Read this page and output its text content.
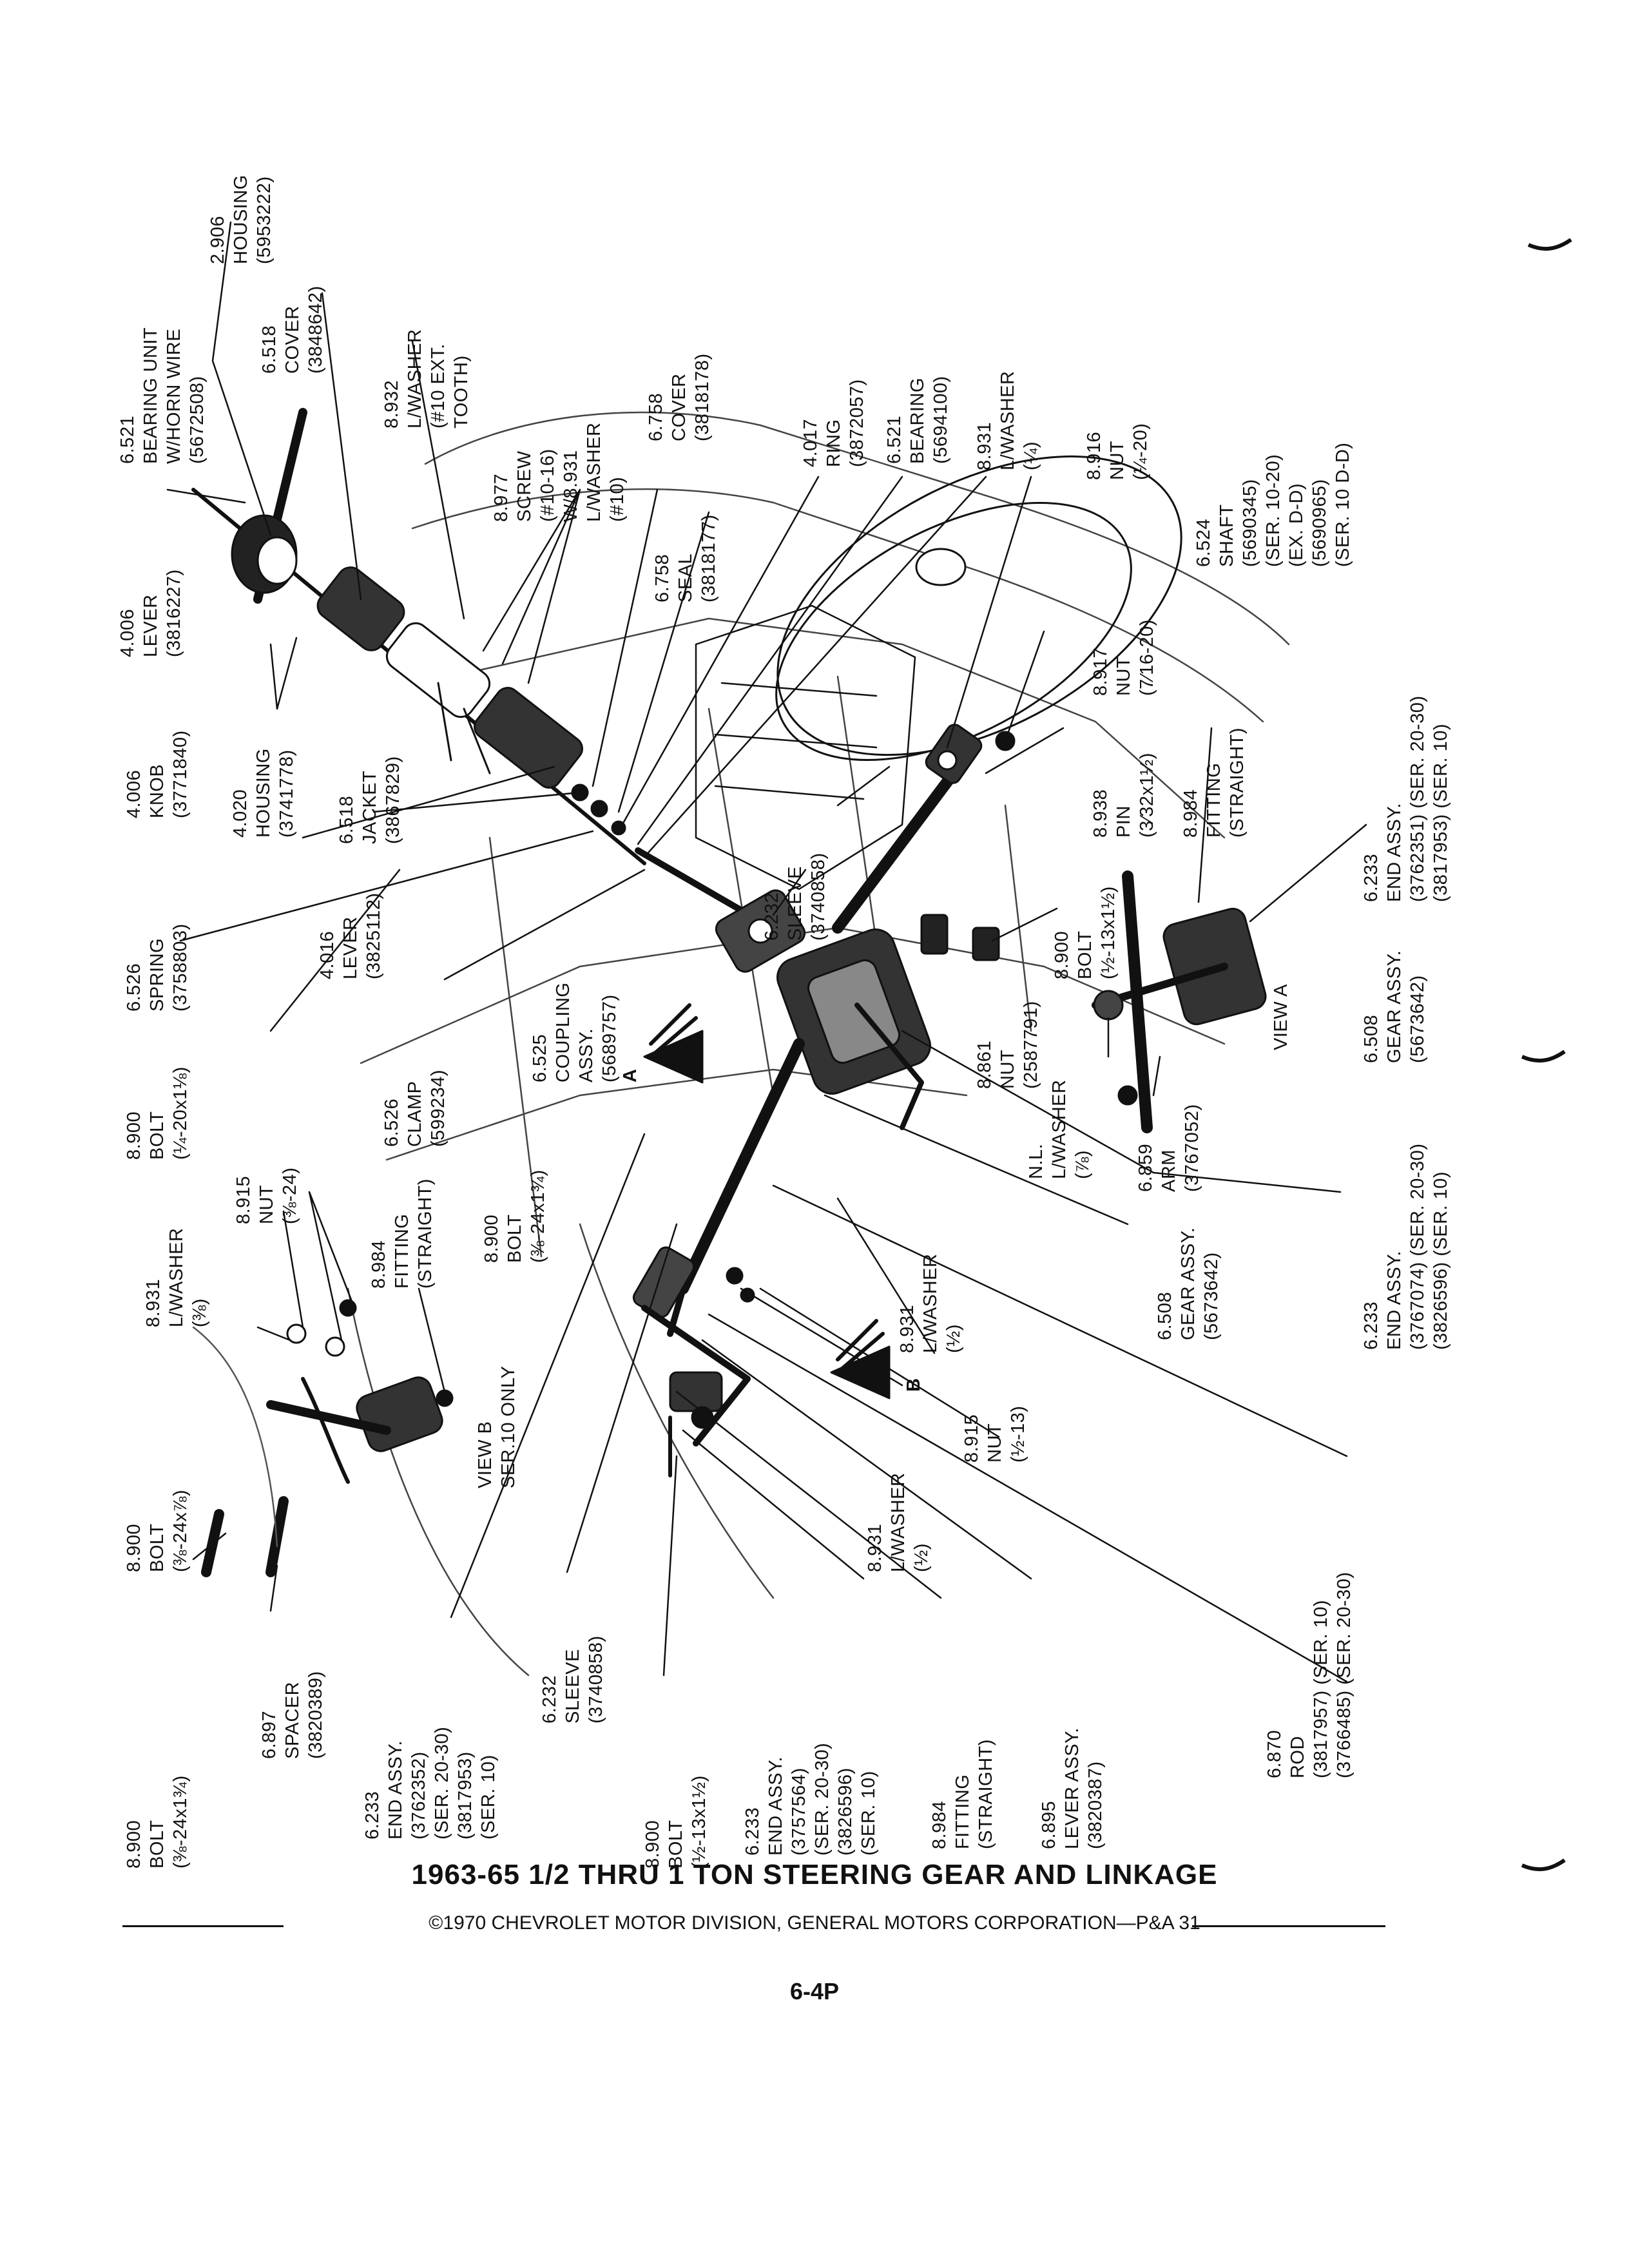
6.521
BEARING UNIT
W/HORN WIRE
(5672508)
2.906
HOUSING
(5953222)
6.518
COVER
(3848642)
8.932
L/WASHER
(#10 EXT.
TOOTH)
8.977
SCREW
(#10-16)
W/8.931
L/WASHER
(#10)
6.758
COVER
(3818178)
6.758
SEAL
(3818177)
4.017
RING
(3872057) 6.521
BEARING
(5694100) 8.931
L/WASHER
(¼) 8.916
NUT
(¼-20)
4.006
LEVER
(3816227)
4.006
KNOB
(3771840) 4.020
HOUSING
(3741778) 6.518
JACKET
(3867829)
4.016
LEVER
(3825112)
6.526
SPRING
(3758803)
8.900
BOLT
(¼-20x1⅛)	6.526
CLAMP
(599234)
6.525
COUPLING
ASSY.
(5689757)
6.232
SLEEVE
(3740858)
8.917
NUT
(7⁄16-20)
8.938
PIN
(3⁄32x1½) 8.984
FITTING
(STRAIGHT)
6.233
END ASSY.
(3762351) (SER. 20-30)
(3817953) (SER. 10)
6.524
SHAFT
(5690345)
(SER. 10-20)
(EX. D-D)
(5690965)
(SER. 10 D-D)
8.900
BOLT
(½-13x1½)
8.861
NUT
(2587791)
N.L.
L/WASHER
(⅞) 6.859
ARM
(3767052)
6.508
GEAR ASSY.
(5673642)
VIEW A
8.931
L/WASHER
(⅜)
8.915
NUT
(⅜-24)
8.984
FITTING
(STRAIGHT) 8.900
BOLT
(⅜-24x1¾)
6.508
GEAR ASSY.
(5673642)	6.233
END ASSY.
(3767074) (SER. 20-30)
(3826596) (SER. 10)
8.931
L/WASHER
(½)
8.915
NUT
(½-13)
VIEW B
SER.10 ONLY
8.900
BOLT
(⅜-24x⅞)
8.900
BOLT
(⅜-24x1¾)
6.897
SPACER
(3820389)
6.233
END ASSY.
(3762352)
(SER. 20-30)
(3817953)
(SER. 10)
6.232
SLEEVE
(3740858)
8.900
BOLT
(½-13x1½)
8.931
L/WASHER
(½)
6.233
END ASSY.
(3757564)
(SER. 20-30)
(3826596)
(SER. 10)
8.984
FITTING
(STRAIGHT) 6.895
LEVER ASSY.
(3820387)
6.870
ROD
(3817957) (SER. 10)
(3766485) (SER. 20-30)
A
B
1963-65 1/2 THRU 1 TON STEERING GEAR AND LINKAGE
©1970 CHEVROLET MOTOR DIVISION, GENERAL MOTORS CORPORATION—P&A 31
6-4P
